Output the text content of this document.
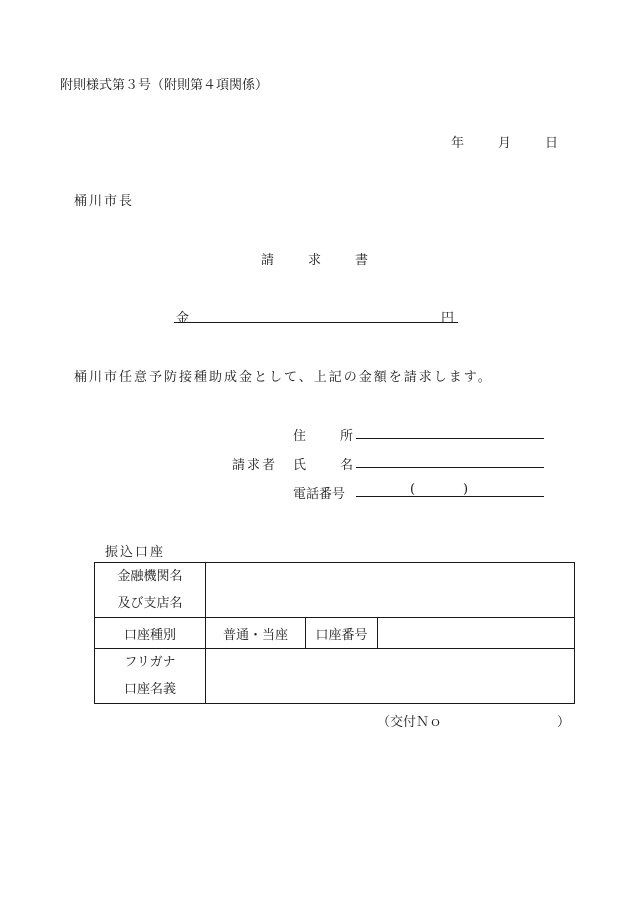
附則様式第３号（附則第４項関係）
年	月	日
桶川市長
請	求	書
金	円
桶川市任意予防接種助成金として、上記の金額を請求します。
請求者
住	所
氏	名
電話番号	(	)
振込口座
金融機関名
及び支店名			

口座種別	普通・当座	口座番号	

フリガナ
口座名義			

（交付Ｎｏ	）
